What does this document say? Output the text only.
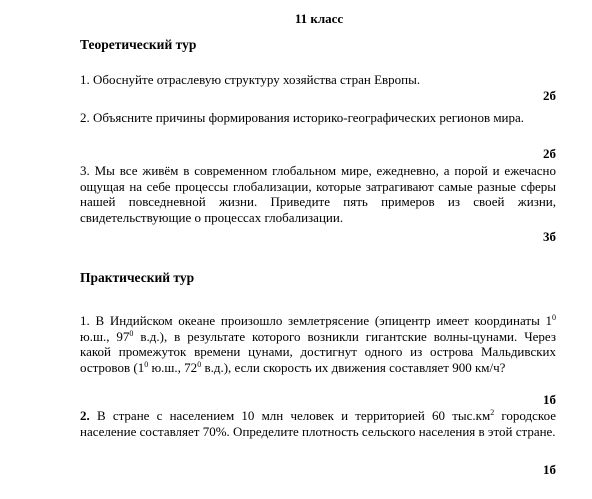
11 класс
Теоретический тур
1. Обоснуйте отраслевую структуру хозяйства стран Европы.
2б
2. Объясните причины формирования историко-географических регионов мира.
2б
3. Мы все живём в современном глобальном мире, ежедневно, а порой и ежечасно ощущая на себе процессы глобализации, которые затрагивают самые разные сферы нашей повседневной жизни. Приведите пять примеров из своей жизни, свидетельствующие о процессах глобализации.
3б
Практический тур
1. В Индийском океане произошло землетрясение (эпицентр имеет координаты $1^0$ ю.ш., $97^0$ в.д.), в результате которого возникли гигантские волны-цунами. Через какой промежуток времени цунами, достигнут одного из острова Мальдивских островов ($1^0$ ю.ш., $72^0$ в.д.), если скорость их движения составляет 900 км/ч?
1б
2. В стране с населением 10 млн человек и территорией 60 $тыс.км^2$ городское население составляет 70%. Определите плотность сельского населения в этой стране.
1б
